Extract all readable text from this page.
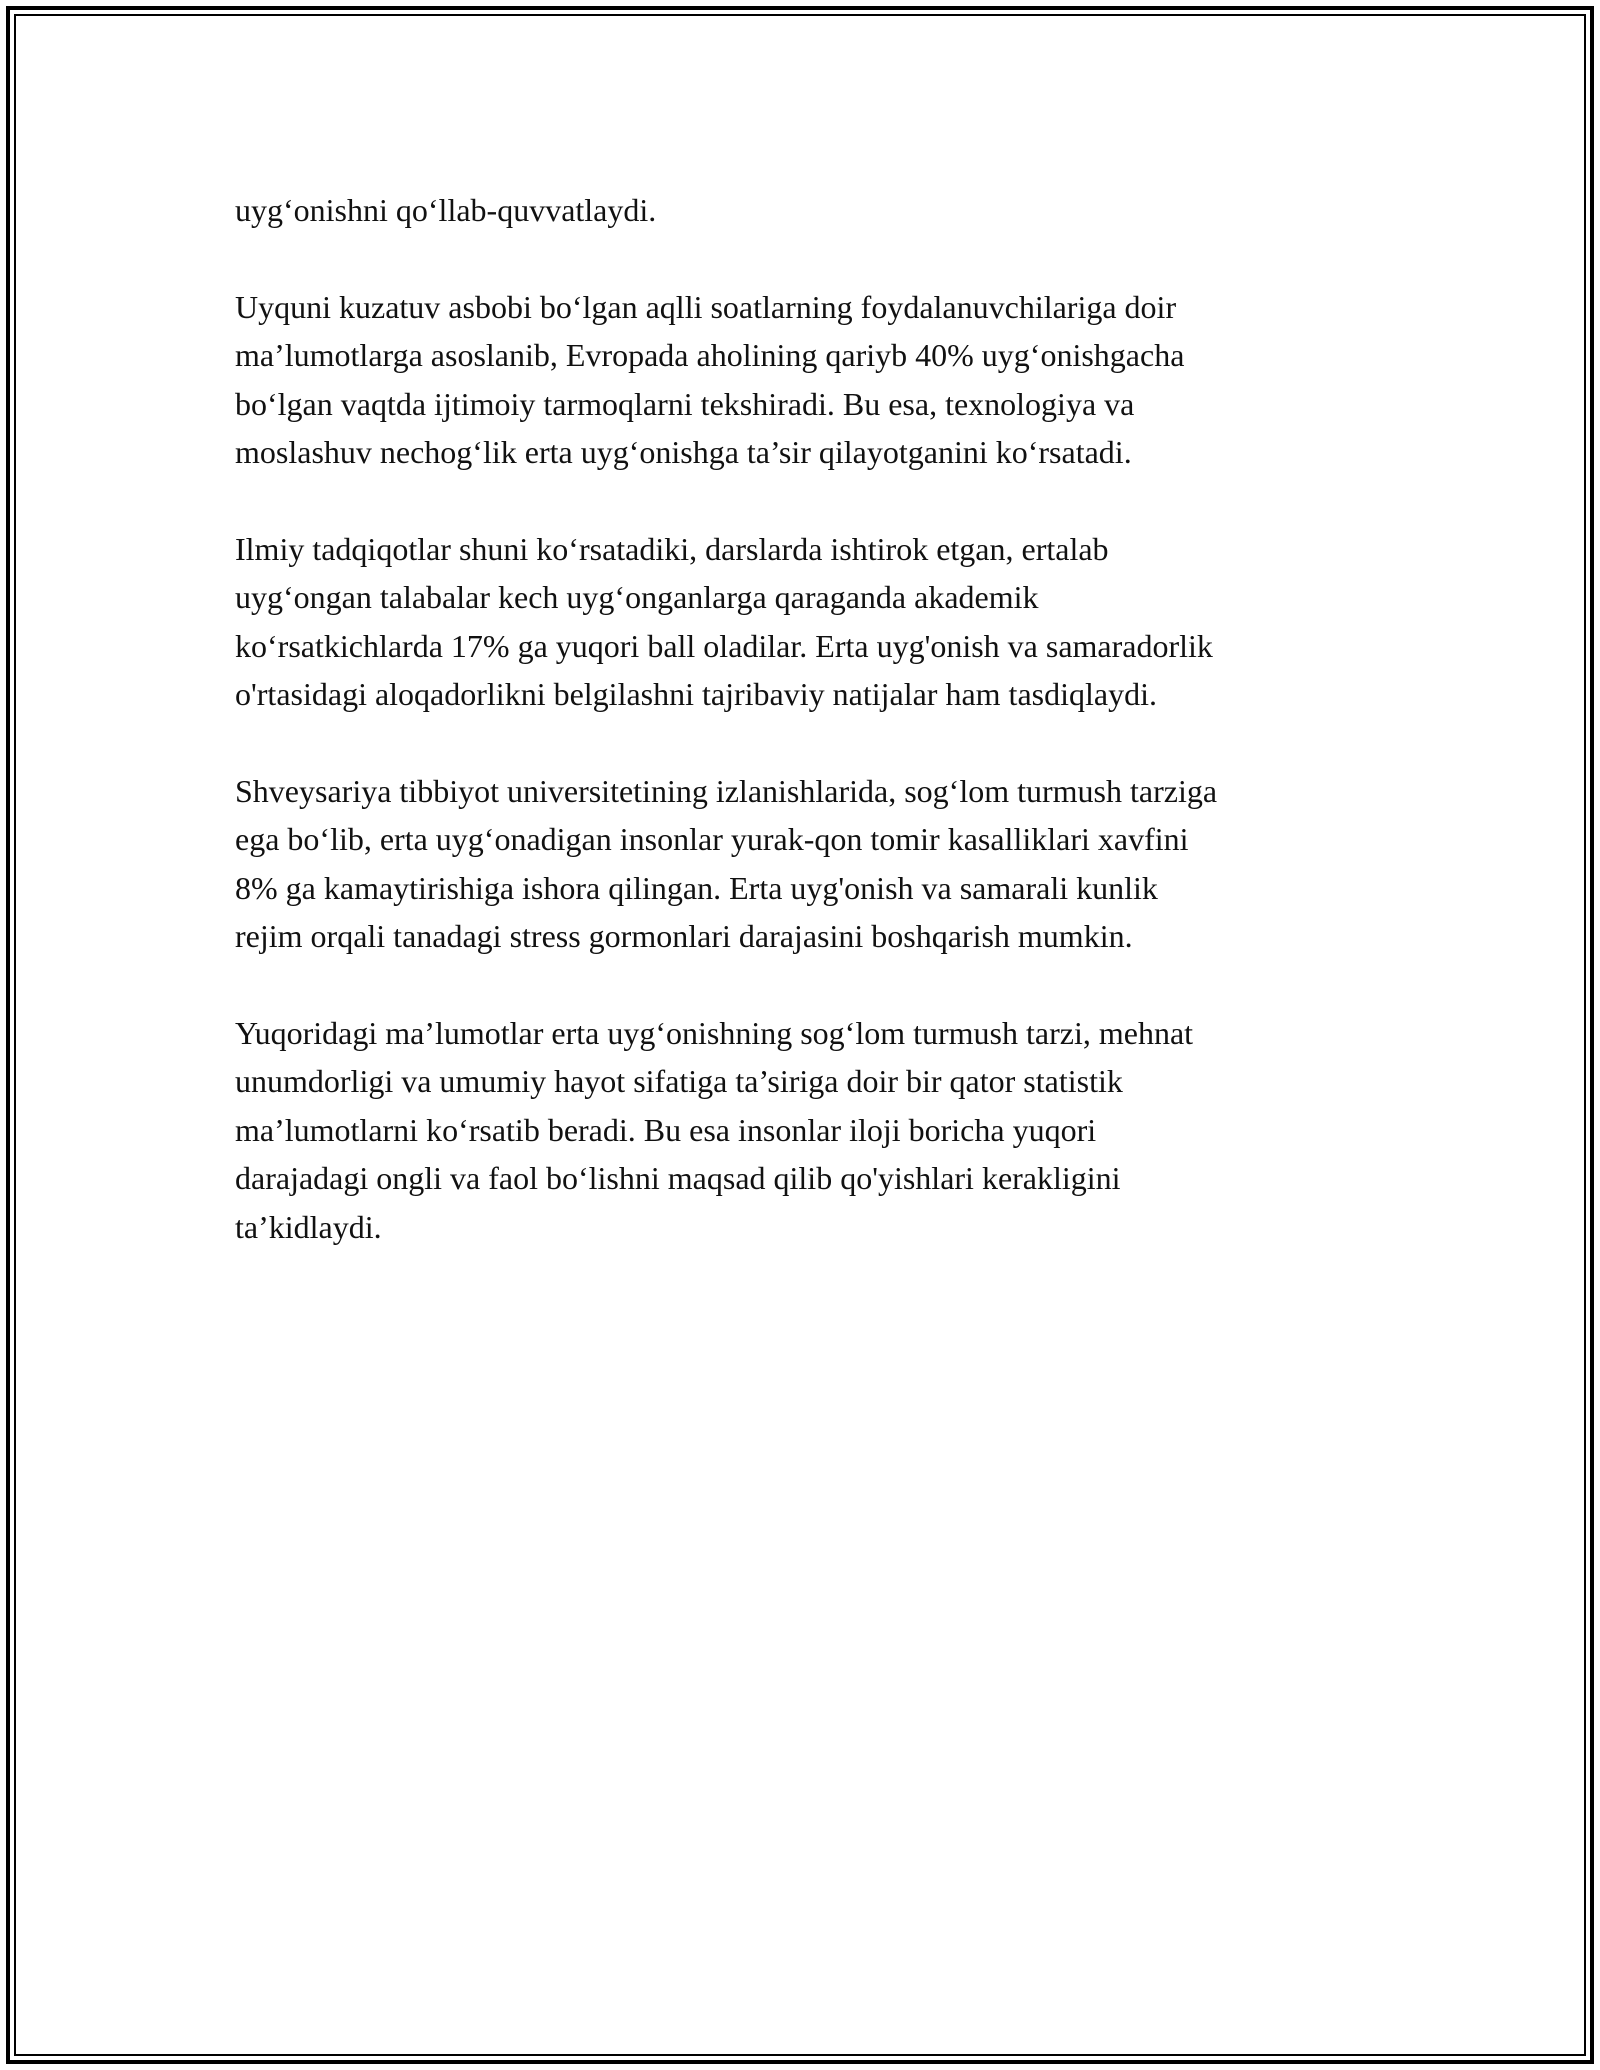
uyg‘onishni qo‘llab-quvvatlaydi.

Uyquni kuzatuv asbobi bo‘lgan aqlli soatlarning foydalanuvchilariga doir
ma’lumotlarga asoslanib, Evropada aholining qariyb 40% uyg‘onishgacha
bo‘lgan vaqtda ijtimoiy tarmoqlarni tekshiradi. Bu esa, texnologiya va
moslashuv nechog‘lik erta uyg‘onishga ta’sir qilayotganini ko‘rsatadi.

Ilmiy tadqiqotlar shuni ko‘rsatadiki, darslarda ishtirok etgan, ertalab
uyg‘ongan talabalar kech uyg‘onganlarga qaraganda akademik
ko‘rsatkichlarda 17% ga yuqori ball oladilar. Erta uyg'onish va samaradorlik
o'rtasidagi aloqadorlikni belgilashni tajribaviy natijalar ham tasdiqlaydi.

Shveysariya tibbiyot universitetining izlanishlarida, sog‘lom turmush tarziga
ega bo‘lib, erta uyg‘onadigan insonlar yurak-qon tomir kasalliklari xavfini
8% ga kamaytirishiga ishora qilingan. Erta uyg'onish va samarali kunlik
rejim orqali tanadagi stress gormonlari darajasini boshqarish mumkin.

Yuqoridagi ma’lumotlar erta uyg‘onishning sog‘lom turmush tarzi, mehnat
unumdorligi va umumiy hayot sifatiga ta’siriga doir bir qator statistik
ma’lumotlarni ko‘rsatib beradi. Bu esa insonlar iloji boricha yuqori
darajadagi ongli va faol bo‘lishni maqsad qilib qo'yishlari kerakligini
ta’kidlaydi.
